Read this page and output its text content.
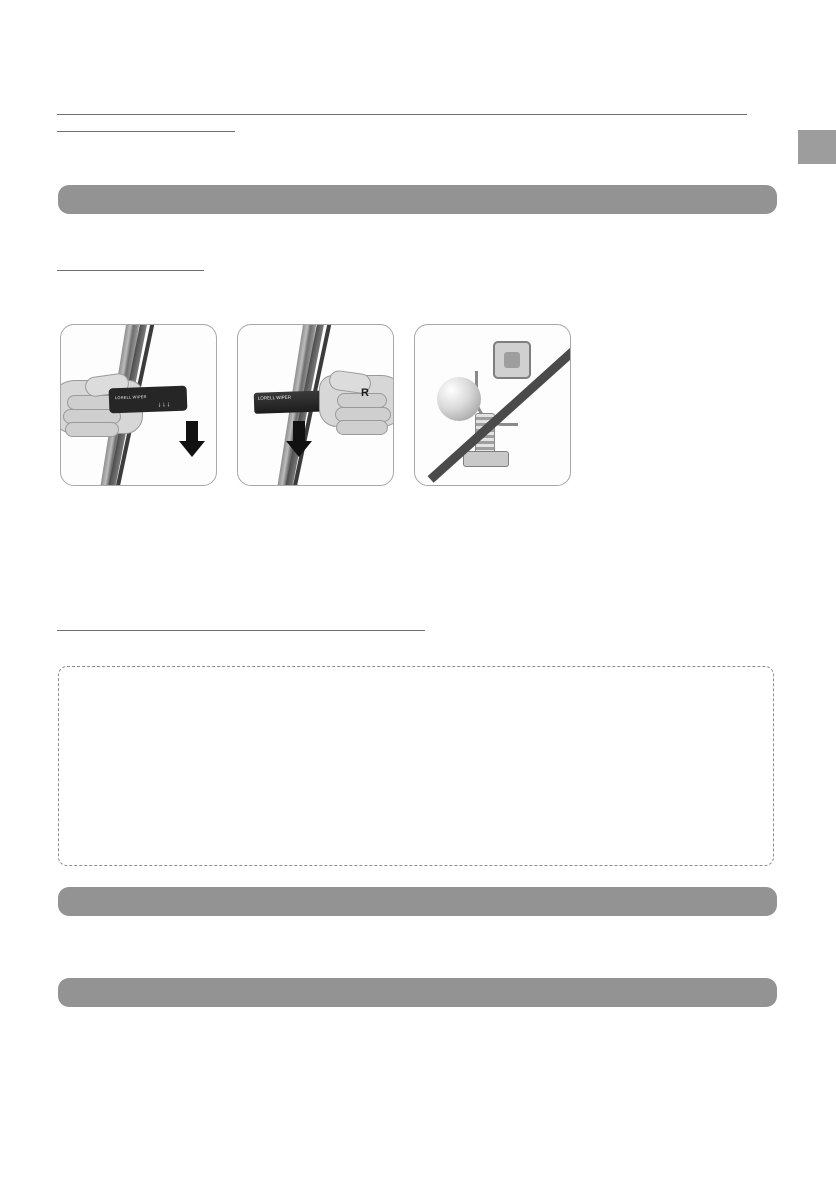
LORELL WIPER
↓↓↓
LORELL WIPER	R
